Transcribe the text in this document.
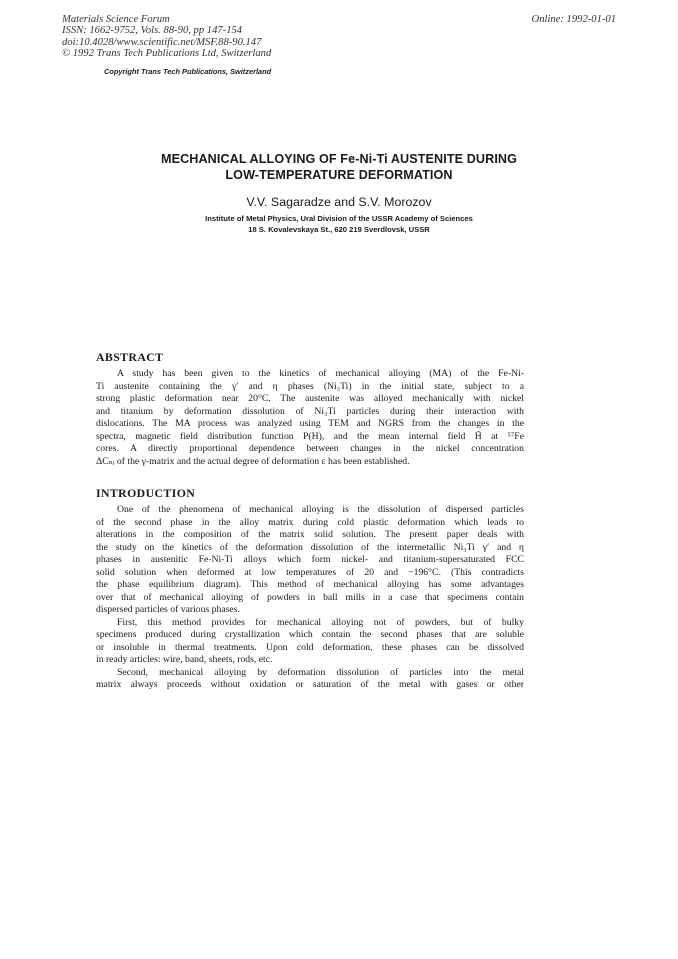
Materials Science Forum
ISSN: 1662-9752, Vols. 88-90, pp 147-154
doi:10.4028/www.scientific.net/MSF.88-90.147
© 1992 Trans Tech Publications Ltd, Switzerland
Online: 1992-01-01
Copyright Trans Tech Publications, Switzerland
MECHANICAL ALLOYING OF Fe-Ni-Ti AUSTENITE DURING
LOW-TEMPERATURE DEFORMATION
V.V. Sagaradze and S.V. Morozov
Institute of Metal Physics, Ural Division of the USSR Academy of Sciences
18 S. Kovalevskaya St., 620 219 Sverdlovsk, USSR
ABSTRACT
A study has been given to the kinetics of mechanical alloying (MA) of the Fe-Ni-
Ti austenite containing the γ′ and η phases (Ni₃Ti) in the initial state, subject to a
strong plastic deformation near 20°C. The austenite was alloyed mechanically with nickel
and titanium by deformation dissolution of Ni₃Ti particles during their interaction with
dislocations. The MA process was analyzed using TEM and NGRS from the changes in the
spectra, magnetic field distribution function P(H), and the mean internal field H̄ at ⁵⁷Fe
cores. A directly proportional dependence between changes in the nickel concentration
ΔCₙᵢ of the γ-matrix and the actual degree of deformation ε has been established.
INTRODUCTION
One of the phenomena of mechanical alloying is the dissolution of dispersed particles
of the second phase in the alloy matrix during cold plastic deformation which leads to
alterations in the composition of the matrix solid solution. The present paper deals with
the study on the kinetics of the deformation dissolution of the intermetallic Ni₃Ti γ′ and η
phases in austenitic Fe-Ni-Ti alloys which form nickel- and titanium-supersaturated FCC
solid solution when deformed at low temperatures of 20 and −196°C. (This contradicts
the phase equilibrium diagram). This method of mechanical alloying has some advantages
over that of mechanical alloying of powders in ball mills in a case that specimens contain
dispersed particles of various phases.
First, this method provides for mechanical alloying not of powders, but of bulky
specimens produced during crystallization which contain the second phases that are soluble
or insoluble in thermal treatments. Upon cold deformation, these phases can be dissolved
in ready articles: wire, band, sheets, rods, etc.
Second, mechanical alloying by deformation dissolution of particles into the metal
matrix always proceeds without oxidation or saturation of the metal with gases or other
